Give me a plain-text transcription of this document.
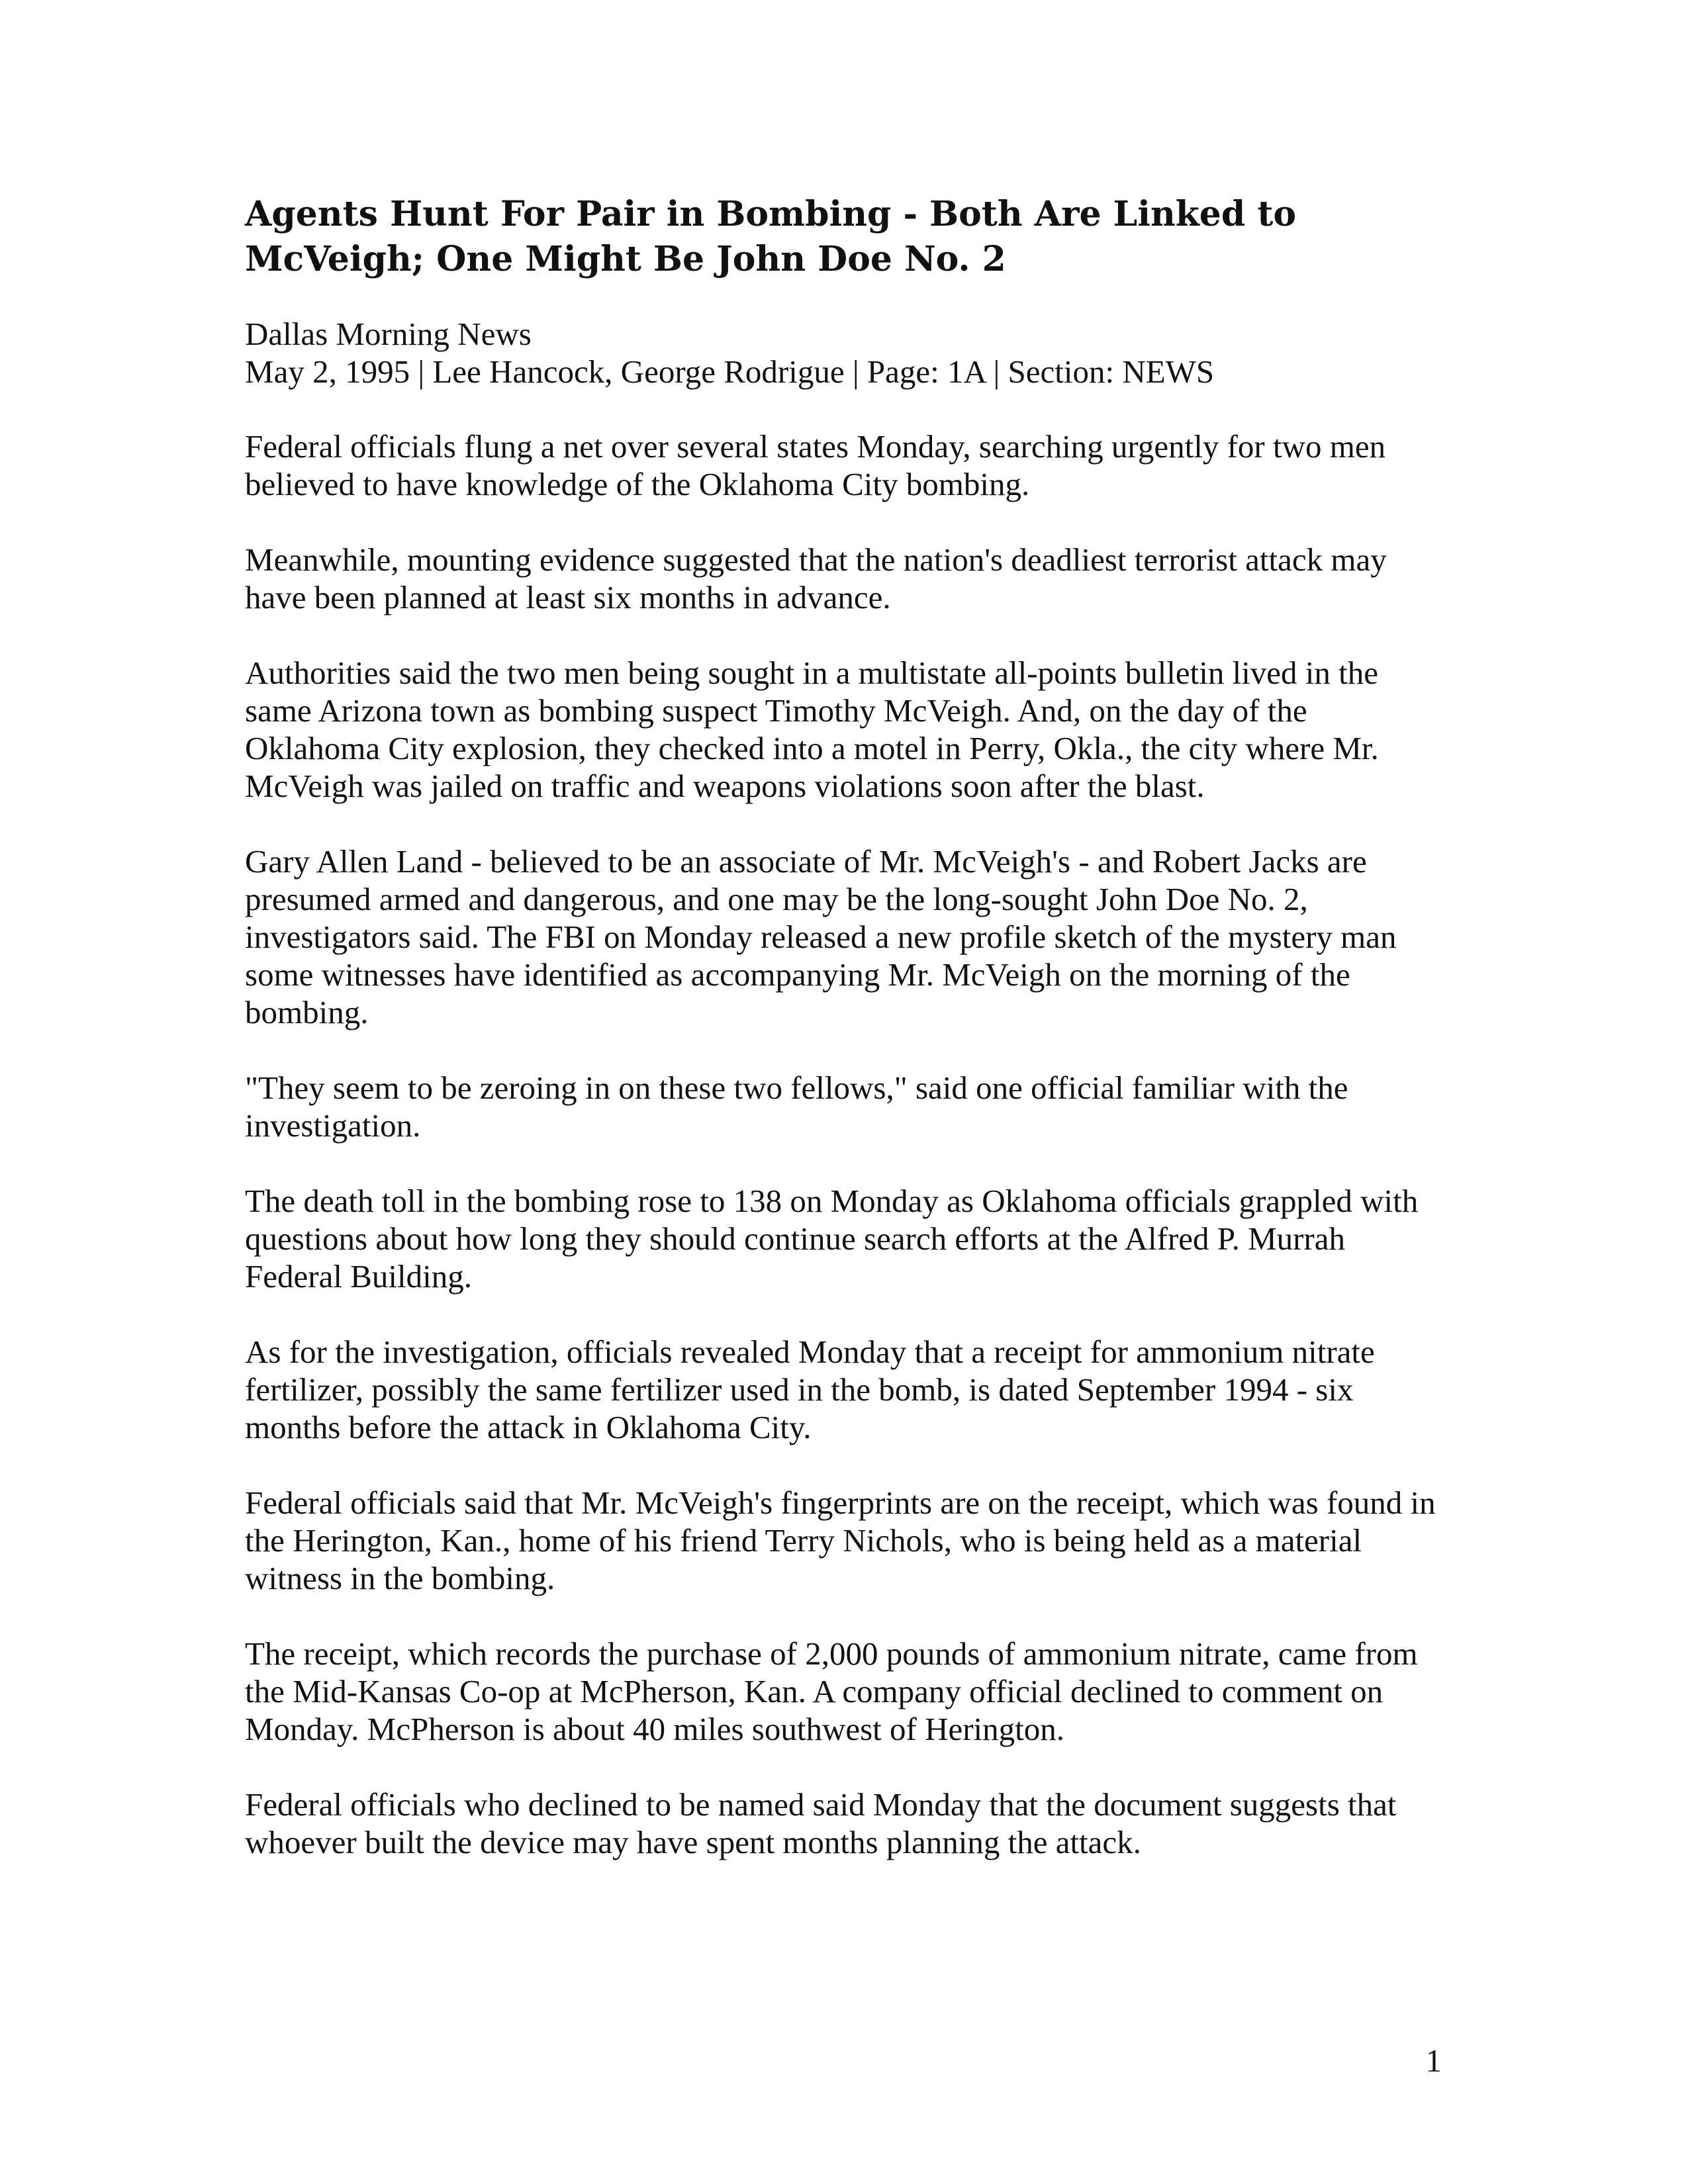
Agents Hunt For Pair in Bombing - Both Are Linked to McVeigh; One Might Be John Doe No. 2
Dallas Morning News
May 2, 1995 | Lee Hancock, George Rodrigue | Page: 1A | Section: NEWS

Federal officials flung a net over several states Monday, searching urgently for two men believed to have knowledge of the Oklahoma City bombing.

Meanwhile, mounting evidence suggested that the nation's deadliest terrorist attack may have been planned at least six months in advance.

Authorities said the two men being sought in a multistate all-points bulletin lived in the same Arizona town as bombing suspect Timothy McVeigh. And, on the day of the Oklahoma City explosion, they checked into a motel in Perry, Okla., the city where Mr. McVeigh was jailed on traffic and weapons violations soon after the blast.

Gary Allen Land - believed to be an associate of Mr. McVeigh's - and Robert Jacks are presumed armed and dangerous, and one may be the long-sought John Doe No. 2, investigators said. The FBI on Monday released a new profile sketch of the mystery man some witnesses have identified as accompanying Mr. McVeigh on the morning of the bombing.

"They seem to be zeroing in on these two fellows," said one official familiar with the investigation.

The death toll in the bombing rose to 138 on Monday as Oklahoma officials grappled with questions about how long they should continue search efforts at the Alfred P. Murrah Federal Building.

As for the investigation, officials revealed Monday that a receipt for ammonium nitrate fertilizer, possibly the same fertilizer used in the bomb, is dated September 1994 - six months before the attack in Oklahoma City.

Federal officials said that Mr. McVeigh's fingerprints are on the receipt, which was found in the Herington, Kan., home of his friend Terry Nichols, who is being held as a material witness in the bombing.

The receipt, which records the purchase of 2,000 pounds of ammonium nitrate, came from the Mid-Kansas Co-op at McPherson, Kan. A company official declined to comment on Monday. McPherson is about 40 miles southwest of Herington.

Federal officials who declined to be named said Monday that the document suggests that whoever built the device may have spent months planning the attack.

1
